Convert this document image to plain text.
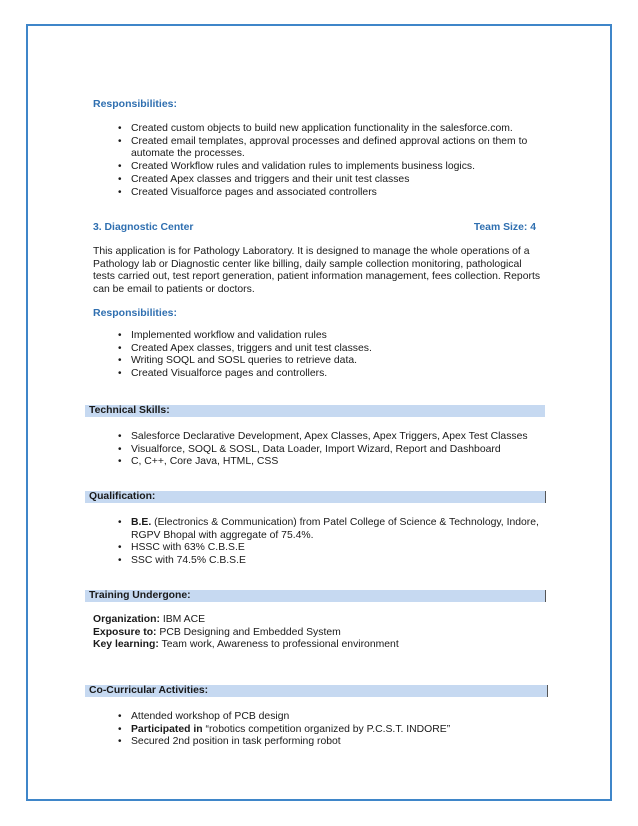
Responsibilities:
• Created custom objects to build new application functionality in the salesforce.com.
• Created email templates, approval processes and defined approval actions on them to automate the processes.
• Created Workflow rules and validation rules to implements business logics.
• Created Apex classes and triggers and their unit test classes
• Created Visualforce pages and associated controllers
3. Diagnostic Center	Team Size: 4
This application is for Pathology Laboratory. It is designed to manage the whole operations of a Pathology lab or Diagnostic center like billing, daily sample collection monitoring, pathological tests carried out, test report generation, patient information management, fees collection. Reports can be email to patients or doctors.
Responsibilities:
• Implemented workflow and validation rules
• Created Apex classes, triggers and unit test classes.
• Writing SOQL and SOSL queries to retrieve data.
• Created Visualforce pages and controllers.
Technical Skills:
• Salesforce Declarative Development, Apex Classes, Apex Triggers, Apex Test Classes
• Visualforce, SOQL & SOSL, Data Loader, Import Wizard, Report and Dashboard
• C, C++, Core Java, HTML, CSS
Qualification:
• B.E. (Electronics & Communication) from Patel College of Science & Technology, Indore, RGPV Bhopal with aggregate of 75.4%.
• HSSC with 63% C.B.S.E
• SSC with 74.5% C.B.S.E
Training Undergone:
Organization: IBM ACE
Exposure to: PCB Designing and Embedded System
Key learning: Team work, Awareness to professional environment
Co-Curricular Activities:
• Attended workshop of PCB design
• Participated in “robotics competition organized by P.C.S.T. INDORE”
• Secured 2nd position in task performing robot
